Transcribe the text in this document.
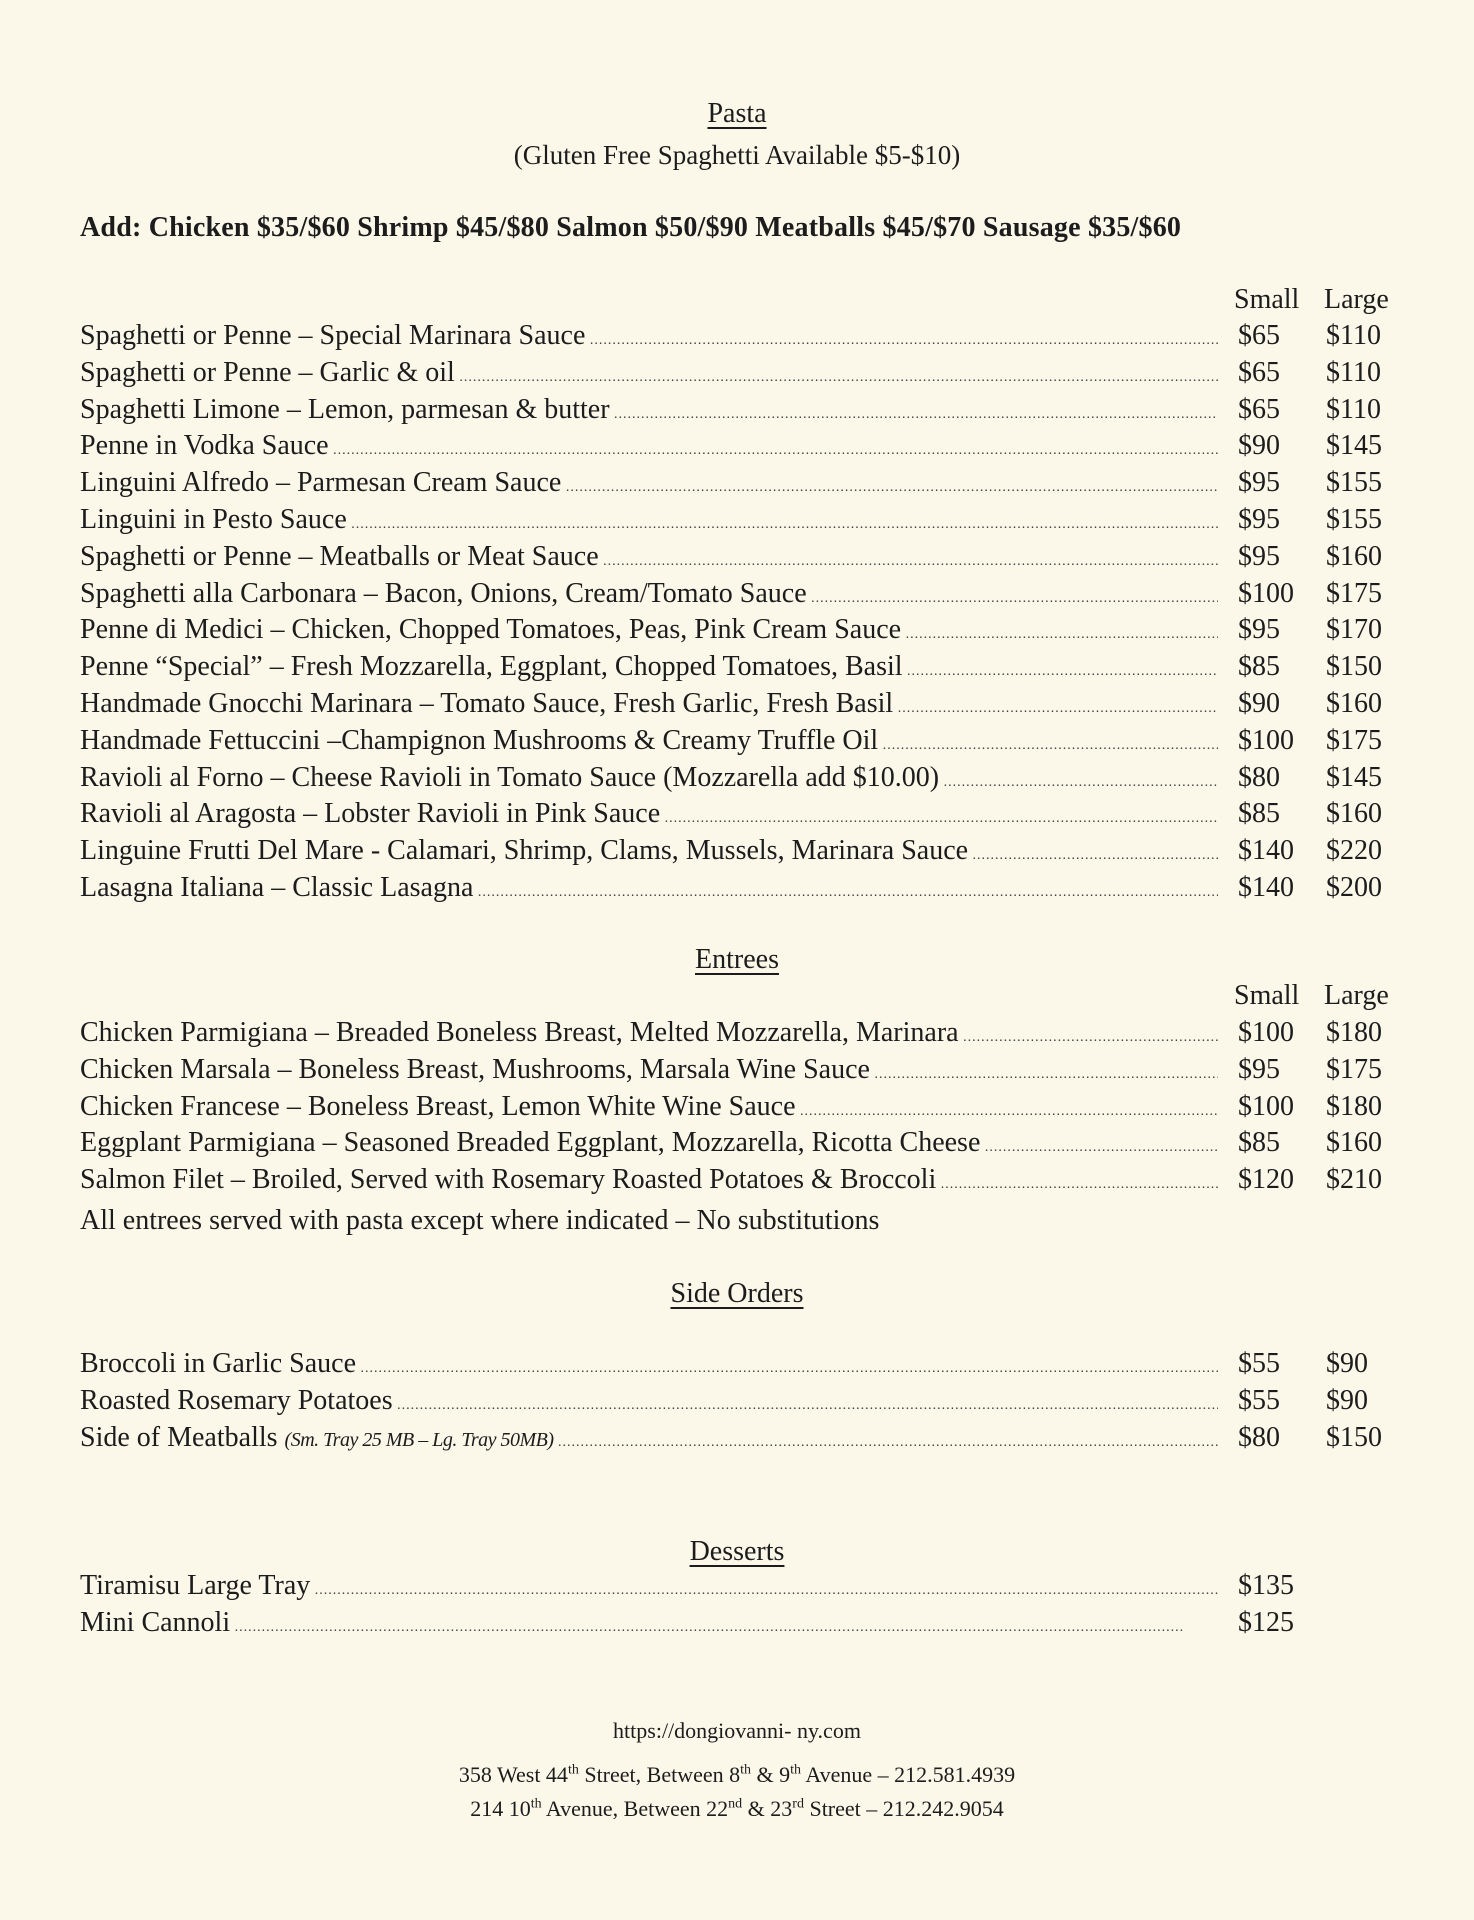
Pasta
(Gluten Free Spaghetti Available $5-$10)
Add: Chicken $35/$60 Shrimp $45/$80 Salmon $50/$90 Meatballs $45/$70 Sausage $35/$60
Small Large
Spaghetti or Penne – Special Marinara Sauce .....	$65 $110
Spaghetti or Penne – Garlic & oil .....	$65 $110
Spaghetti Limone – Lemon, parmesan & butter .....	$65 $110
Penne in Vodka Sauce .....	$90 $145
Linguini Alfredo – Parmesan Cream Sauce .....	$95 $155
Linguini in Pesto Sauce .....	$95 $155
Spaghetti or Penne – Meatballs or Meat Sauce .....	$95 $160
Spaghetti alla Carbonara – Bacon, Onions, Cream/Tomato Sauce .....	$100 $175
Penne di Medici – Chicken, Chopped Tomatoes, Peas, Pink Cream Sauce .....	$95 $170
Penne “Special” – Fresh Mozzarella, Eggplant, Chopped Tomatoes, Basil .....	$85 $150
Handmade Gnocchi Marinara – Tomato Sauce, Fresh Garlic, Fresh Basil .....	$90 $160
Handmade Fettuccini –Champignon Mushrooms & Creamy Truffle Oil .....	$100 $175
Ravioli al Forno – Cheese Ravioli in Tomato Sauce (Mozzarella add $10.00) .....	$80 $145
Ravioli al Aragosta – Lobster Ravioli in Pink Sauce .....	$85 $160
Linguine Frutti Del Mare - Calamari, Shrimp, Clams, Mussels, Marinara Sauce .....	$140 $220
Lasagna Italiana – Classic Lasagna .....	$140 $200
Entrees
Small Large
Chicken Parmigiana – Breaded Boneless Breast, Melted Mozzarella, Marinara .....	$100 $180
Chicken Marsala – Boneless Breast, Mushrooms, Marsala Wine Sauce .....	$95 $175
Chicken Francese – Boneless Breast, Lemon White Wine Sauce .....	$100 $180
Eggplant Parmigiana – Seasoned Breaded Eggplant, Mozzarella, Ricotta Cheese .....	$85 $160
Salmon Filet – Broiled, Served with Rosemary Roasted Potatoes & Broccoli .....	$120 $210
All entrees served with pasta except where indicated – No substitutions
Side Orders
Broccoli in Garlic Sauce .....	$55 $90
Roasted Rosemary Potatoes .....	$55 $90
Side of Meatballs (Sm. Tray 25 MB – Lg. Tray 50MB) .....	$80 $150
Desserts
Tiramisu Large Tray .....	$135
Mini Cannoli .....	$125
https://dongiovanni- ny.com
358 West 44th Street, Between 8th & 9th Avenue – 212.581.4939
214 10th Avenue, Between 22nd & 23rd Street – 212.242.9054
